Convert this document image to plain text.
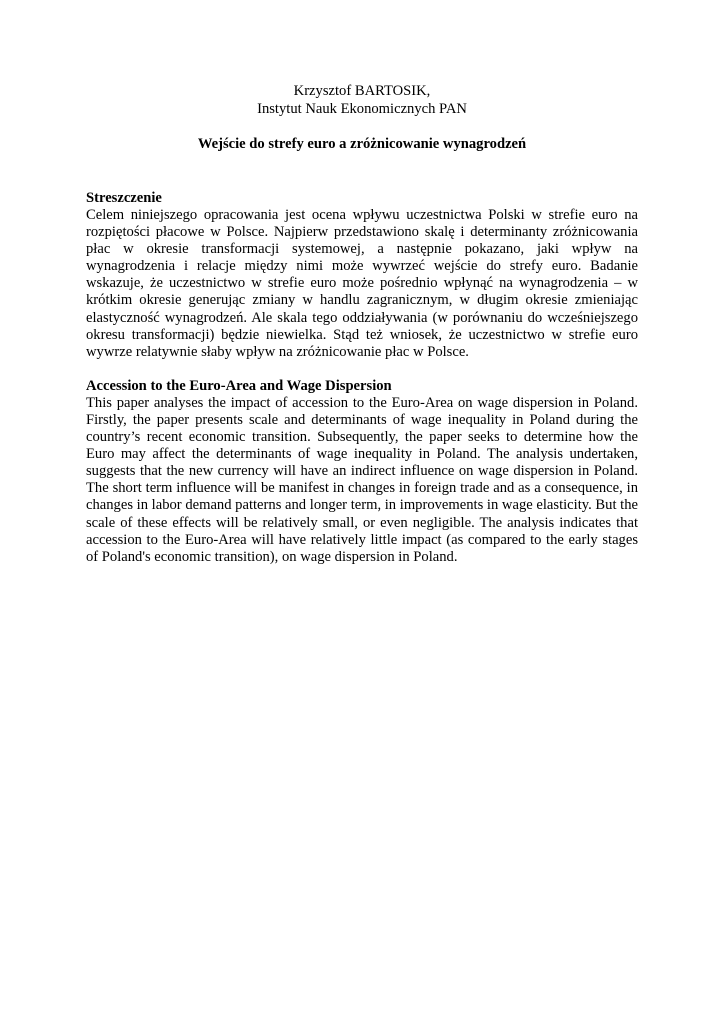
Krzysztof BARTOSIK,
Instytut Nauk Ekonomicznych PAN
Wejście do strefy euro a zróżnicowanie wynagrodzeń
Streszczenie

Celem niniejszego opracowania jest ocena wpływu uczestnictwa Polski w strefie euro na rozpiętości płacowe w Polsce. Najpierw przedstawiono skalę i determinanty zróżnicowania płac w okresie transformacji systemowej, a następnie pokazano, jaki wpływ na wynagrodzenia i relacje między nimi może wywrzeć wejście do strefy euro. Badanie wskazuje, że uczestnictwo w strefie euro może pośrednio wpłynąć na wynagrodzenia – w krótkim okresie generując zmiany w handlu zagranicznym, w długim okresie zmieniając elastyczność wynagrodzeń. Ale skala tego oddziaływania (w porównaniu do wcześniejszego okresu transformacji) będzie niewielka. Stąd też wniosek, że uczestnictwo w strefie euro wywrze relatywnie słaby wpływ na zróżnicowanie płac w Polsce.

Accession to the Euro-Area and Wage Dispersion

This paper analyses the impact of accession to the Euro-Area on wage dispersion in Poland. Firstly, the paper presents scale and determinants of wage inequality in Poland during the country’s recent economic transition. Subsequently, the paper seeks to determine how the Euro may affect the determinants of wage inequality in Poland. The analysis undertaken, suggests that the new currency will have an indirect influence on wage dispersion in Poland. The short term influence will be manifest in changes in foreign trade and as a consequence, in changes in labor demand patterns and longer term, in improvements in wage elasticity. But the scale of these effects will be relatively small, or even negligible. The analysis indicates that accession to the Euro-Area will have relatively little impact (as compared to the early stages of Poland's economic transition), on wage dispersion in Poland.
